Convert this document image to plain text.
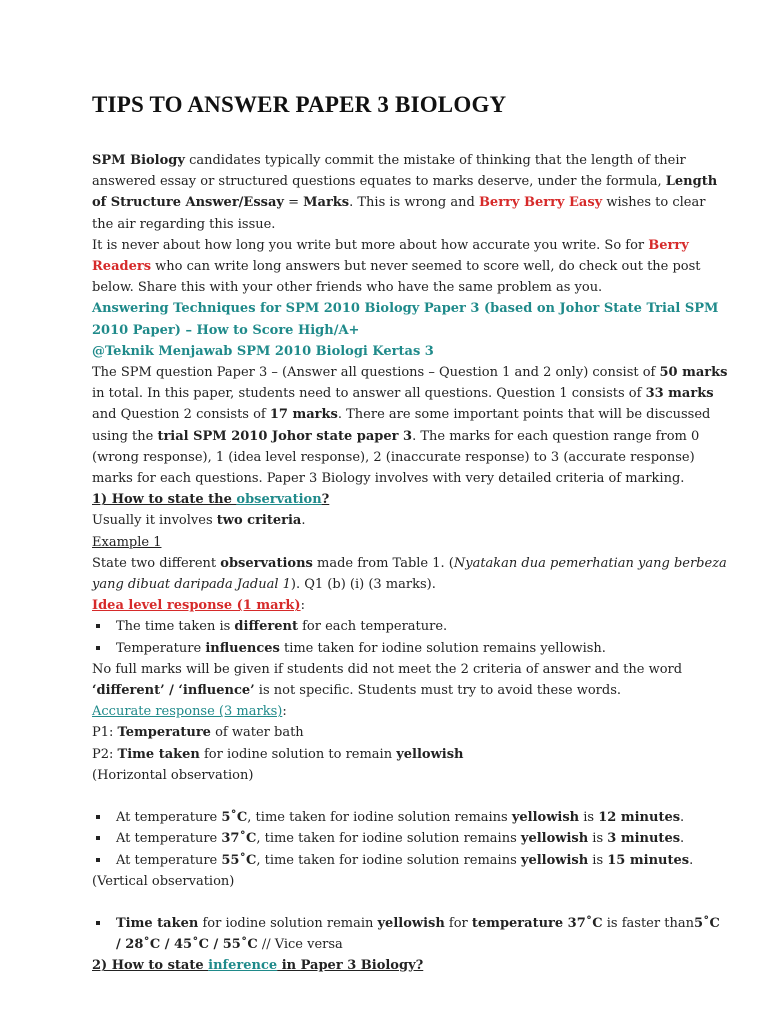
TIPS TO ANSWER PAPER 3 BIOLOGY

SPM Biology candidates typically commit the mistake of thinking that the length of their answered essay or structured questions equates to marks deserve, under the formula, Length of Structure Answer/Essay = Marks. This is wrong and Berry Berry Easy wishes to clear the air regarding this issue.

It is never about how long you write but more about how accurate you write. So for Berry Readers who can write long answers but never seemed to score well, do check out the post below. Share this with your other friends who have the same problem as you.

Answering Techniques for SPM 2010 Biology Paper 3 (based on Johor State Trial SPM 2010 Paper) – How to Score High/A+

@Teknik Menjawab SPM 2010 Biologi Kertas 3

The SPM question Paper 3 – (Answer all questions – Question 1 and 2 only) consist of 50 marks in total. In this paper, students need to answer all questions. Question 1 consists of 33 marks and Question 2 consists of 17 marks. There are some important points that will be discussed using the trial SPM 2010 Johor state paper 3. The marks for each question range from 0 (wrong response), 1 (idea level response), 2 (inaccurate response) to 3 (accurate response) marks for each questions. Paper 3 Biology involves with very detailed criteria of marking.

1) How to state the observation?

Usually it involves two criteria.

Example 1

State two different observations made from Table 1. (Nyatakan dua pemerhatian yang berbeza yang dibuat daripada Jadual 1). Q1 (b) (i) (3 marks).

Idea level response (1 mark):

The time taken is different for each temperature.
Temperature influences time taken for iodine solution remains yellowish.

No full marks will be given if students did not meet the 2 criteria of answer and the word ‘different’ / ‘influence’ is not specific. Students must try to avoid these words.

Accurate response (3 marks):

P1: Temperature of water bath

P2: Time taken for iodine solution to remain yellowish

(Horizontal observation)

At temperature 5˚C, time taken for iodine solution remains yellowish is 12 minutes.
At temperature 37˚C, time taken for iodine solution remains yellowish is 3 minutes.
At temperature 55˚C, time taken for iodine solution remains yellowish is 15 minutes.

(Vertical observation)

Time taken for iodine solution remain yellowish for temperature 37˚C is faster than5˚C / 28˚C / 45˚C / 55˚C // Vice versa

2) How to state inference in Paper 3 Biology?
